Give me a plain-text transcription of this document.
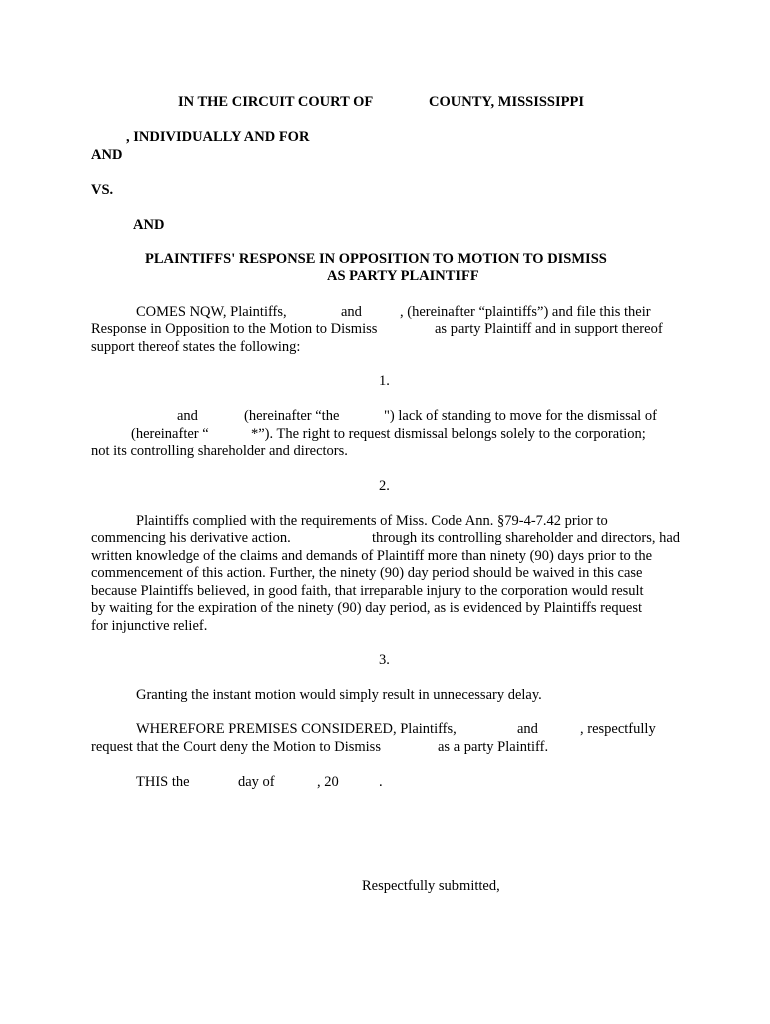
IN THE CIRCUIT COURT OF	COUNTY, MISSISSIPPI
, INDIVIDUALLY AND FOR
AND
VS.
AND
PLAINTIFFS' RESPONSE IN OPPOSITION TO MOTION TO DISMISS
AS PARTY PLAINTIFF
COMES NQW, Plaintiffs,	and	, (hereinafter “plaintiffs”) and file this their
Response in Opposition to the Motion to Dismiss	as party Plaintiff and in support thereof
support thereof states the following:
1.
and	(hereinafter “the	") lack of standing to move for the dismissal of
(hereinafter “	*”). The right to request dismissal belongs solely to the corporation;
not its controlling shareholder and directors.
2.
Plaintiffs complied with the requirements of Miss. Code Ann. §79-4-7.42 prior to
commencing his derivative action.	through its controlling shareholder and directors, had
written knowledge of the claims and demands of Plaintiff more than ninety (90) days prior to the
commencement of this action. Further, the ninety (90) day period should be waived in this case
because Plaintiffs believed, in good faith, that irreparable injury to the corporation would result
by waiting for the expiration of the ninety (90) day period, as is evidenced by Plaintiffs request
for injunctive relief.
3.
Granting the instant motion would simply result in unnecessary delay.
WHEREFORE PREMISES CONSIDERED, Plaintiffs,	and	, respectfully
request that the Court deny the Motion to Dismiss	as a party Plaintiff.
THIS the	day of	, 20	.
Respectfully submitted,
